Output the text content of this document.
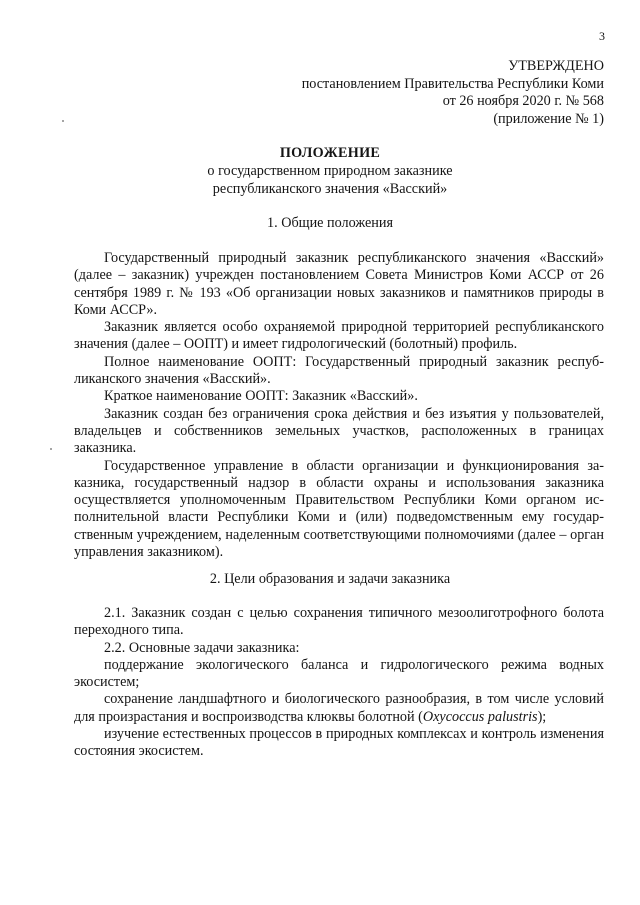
3
УТВЕРЖДЕНО
постановлением Правительства Республики Коми
от 26 ноября 2020 г. № 568
(приложение № 1)
ПОЛОЖЕНИЕ
о государственном природном заказнике
республиканского значения «Васский»
1. Общие положения

Государственный природный заказник республиканского значения «Васский» (далее – заказник) учрежден постановлением Совета Министров Коми АССР от 26 сентября 1989 г. № 193 «Об организации новых заказников и памятников природы в Коми АССР».

Заказник является особо охраняемой природной территорией республиканского значения (далее – ООПТ) и имеет гидрологический (болотный) профиль.

Полное наименование ООПТ: Государственный природный заказник республиканского значения «Васский».

Краткое наименование ООПТ: Заказник «Васский».

Заказник создан без ограничения срока действия и без изъятия у пользователей, владельцев и собственников земельных участков, расположенных в границах заказника.

Государственное управление в области организации и функционирования заказника, государственный надзор в области охраны и использования заказника осуществляется уполномоченным Правительством Республики Коми органом исполнительной власти Республики Коми и (или) подведомственным ему государственным учреждением, наделенным соответствующими полномочиями (далее – орган управления заказником).

2. Цели образования и задачи заказника

2.1. Заказник создан с целью сохранения типичного мезоолиготрофного болота переходного типа.

2.2. Основные задачи заказника:

поддержание экологического баланса и гидрологического режима водных экосистем;

сохранение ландшафтного и биологического разнообразия, в том числе условий для произрастания и воспроизводства клюквы болотной (Oxycoccus palustris);

изучение естественных процессов в природных комплексах и контроль изменения состояния экосистем.
